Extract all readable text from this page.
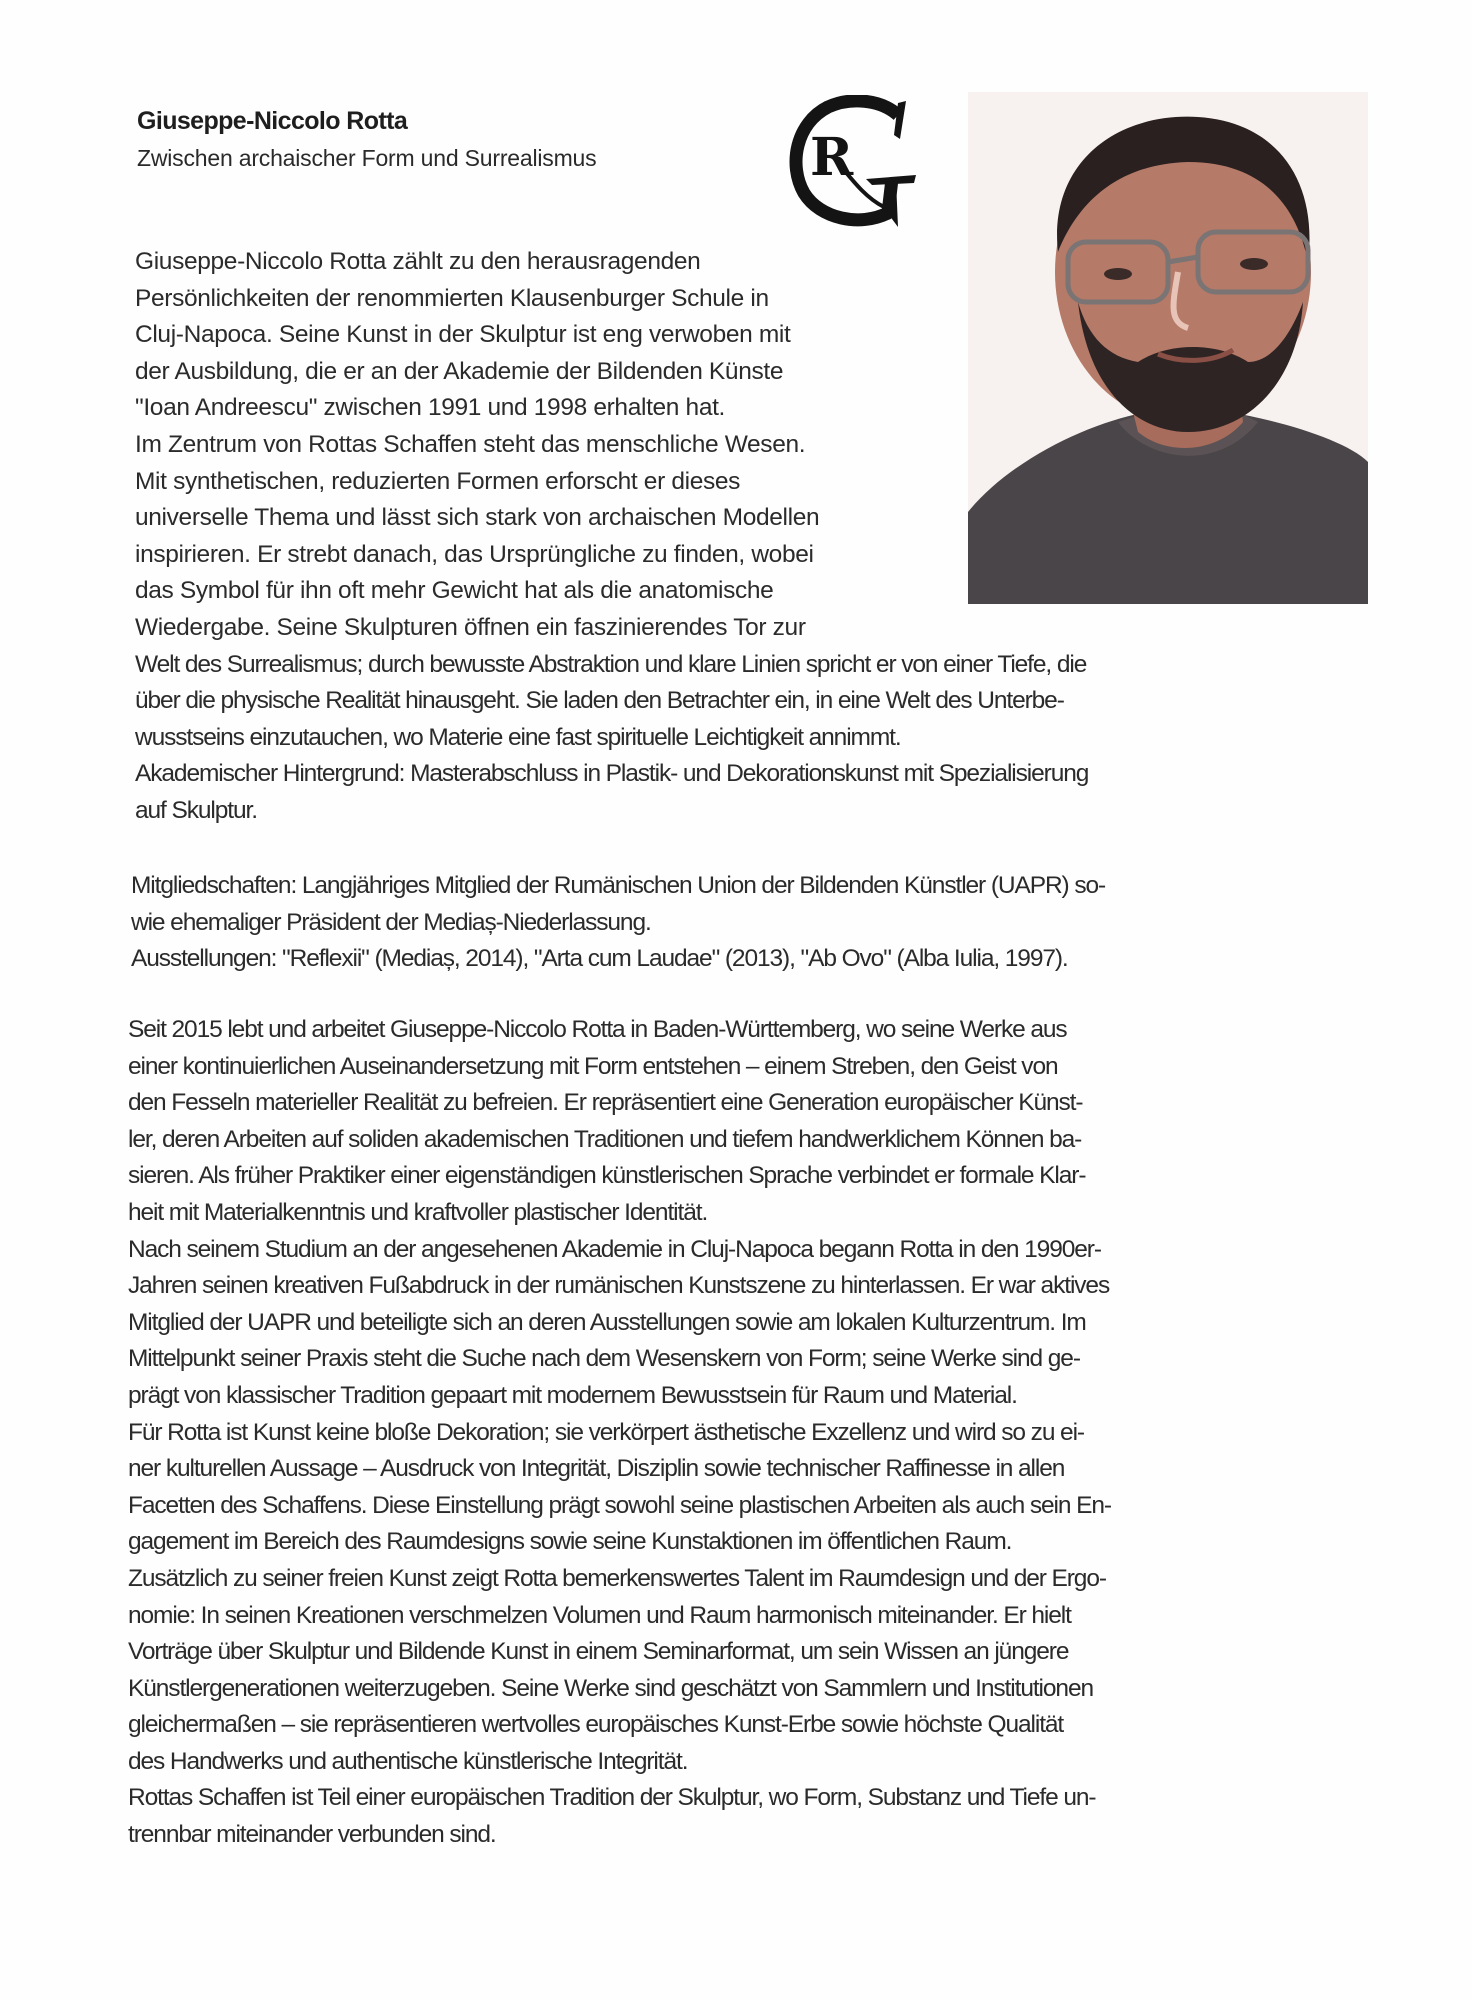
Giuseppe-Niccolo Rotta
Zwischen archaischer Form und Surrealismus	R
Giuseppe-Niccolo Rotta zählt zu den herausragenden
Persönlichkeiten der renommierten Klausenburger Schule in
Cluj-Napoca. Seine Kunst in der Skulptur ist eng verwoben mit
der Ausbildung, die er an der Akademie der Bildenden Künste
"Ioan Andreescu" zwischen 1991 und 1998 erhalten hat.
Im Zentrum von Rottas Schaffen steht das menschliche Wesen.
Mit synthetischen, reduzierten Formen erforscht er dieses
universelle Thema und lässt sich stark von archaischen Modellen
inspirieren. Er strebt danach, das Ursprüngliche zu finden, wobei
das Symbol für ihn oft mehr Gewicht hat als die anatomische
Wiedergabe. Seine Skulpturen öffnen ein faszinierendes Tor zur
Welt des Surrealismus; durch bewusste Abstraktion und klare Linien spricht er von einer Tiefe, die
über die physische Realität hinausgeht. Sie laden den Betrachter ein, in eine Welt des Unterbe-
wusstseins einzutauchen, wo Materie eine fast spirituelle Leichtigkeit annimmt.
Akademischer Hintergrund: Masterabschluss in Plastik- und Dekorationskunst mit Spezialisierung
auf Skulptur.
Mitgliedschaften: Langjähriges Mitglied der Rumänischen Union der Bildenden Künstler (UAPR) so-
wie ehemaliger Präsident der Mediaș-Niederlassung.
Ausstellungen: "Reflexii" (Mediaș, 2014), "Arta cum Laudae" (2013), "Ab Ovo" (Alba Iulia, 1997).
Seit 2015 lebt und arbeitet Giuseppe-Niccolo Rotta in Baden-Württemberg, wo seine Werke aus
einer kontinuierlichen Auseinandersetzung mit Form entstehen – einem Streben, den Geist von
den Fesseln materieller Realität zu befreien. Er repräsentiert eine Generation europäischer Künst-
ler, deren Arbeiten auf soliden akademischen Traditionen und tiefem handwerklichem Können ba-
sieren. Als früher Praktiker einer eigenständigen künstlerischen Sprache verbindet er formale Klar-
heit mit Materialkenntnis und kraftvoller plastischer Identität.
Nach seinem Studium an der angesehenen Akademie in Cluj-Napoca begann Rotta in den 1990er-
Jahren seinen kreativen Fußabdruck in der rumänischen Kunstszene zu hinterlassen. Er war aktives
Mitglied der UAPR und beteiligte sich an deren Ausstellungen sowie am lokalen Kulturzentrum. Im
Mittelpunkt seiner Praxis steht die Suche nach dem Wesenskern von Form; seine Werke sind ge-
prägt von klassischer Tradition gepaart mit modernem Bewusstsein für Raum und Material.
Für Rotta ist Kunst keine bloße Dekoration; sie verkörpert ästhetische Exzellenz und wird so zu ei-
ner kulturellen Aussage – Ausdruck von Integrität, Disziplin sowie technischer Raffinesse in allen
Facetten des Schaffens. Diese Einstellung prägt sowohl seine plastischen Arbeiten als auch sein En-
gagement im Bereich des Raumdesigns sowie seine Kunstaktionen im öffentlichen Raum.
Zusätzlich zu seiner freien Kunst zeigt Rotta bemerkenswertes Talent im Raumdesign und der Ergo-
nomie: In seinen Kreationen verschmelzen Volumen und Raum harmonisch miteinander. Er hielt
Vorträge über Skulptur und Bildende Kunst in einem Seminarformat, um sein Wissen an jüngere
Künstlergenerationen weiterzugeben. Seine Werke sind geschätzt von Sammlern und Institutionen
gleichermaßen – sie repräsentieren wertvolles europäisches Kunst-Erbe sowie höchste Qualität
des Handwerks und authentische künstlerische Integrität.
Rottas Schaffen ist Teil einer europäischen Tradition der Skulptur, wo Form, Substanz und Tiefe un-
trennbar miteinander verbunden sind.
